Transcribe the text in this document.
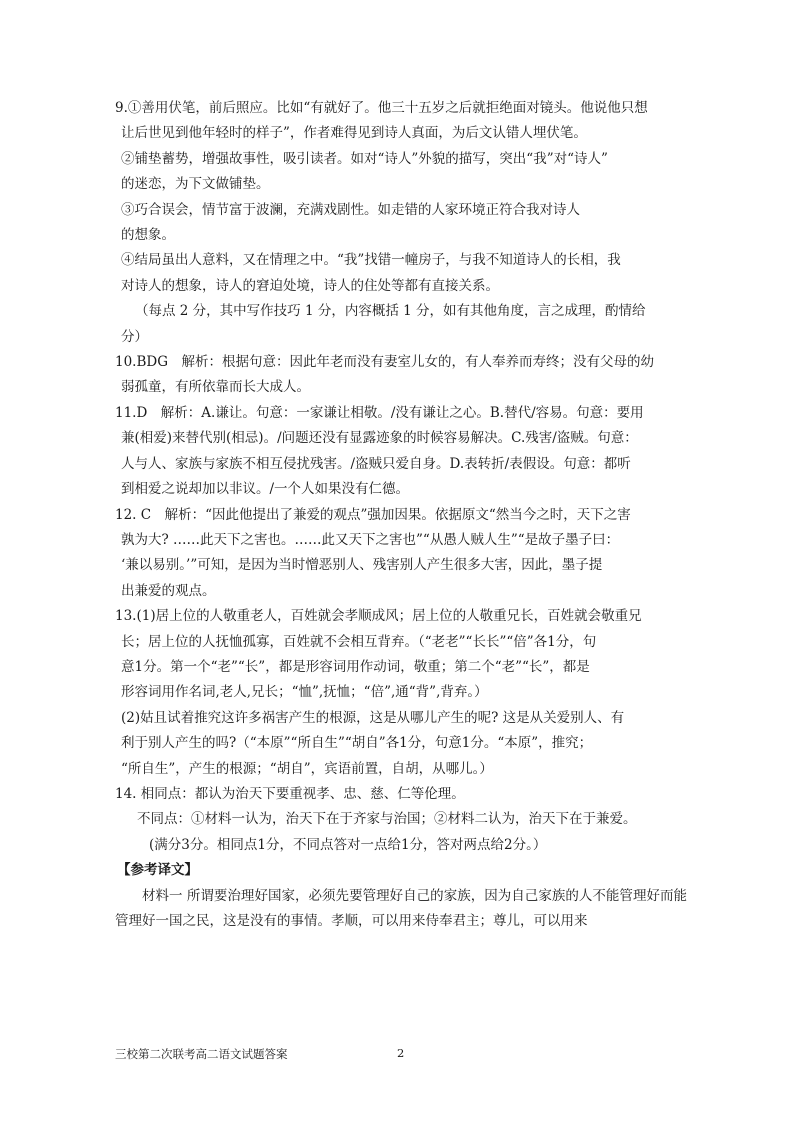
9.①善用伏笔，前后照应。比如“有就好了。他三十五岁之后就拒绝面对镜头。他说他只想

让后世见到他年轻时的样子”，作者难得见到诗人真面，为后文认错人埋伏笔。

②铺垫蓄势，增强故事性，吸引读者。如对“诗人”外貌的描写，突出“我”对“诗人”

的迷恋，为下文做铺垫。

③巧合误会，情节富于波澜，充满戏剧性。如走错的人家环境正符合我对诗人

的想象。

④结局虽出人意料，又在情理之中。“我”找错一幢房子，与我不知道诗人的长相，我

对诗人的想象，诗人的窘迫处境，诗人的住处等都有直接关系。

（每点 2 分，其中写作技巧 1 分，内容概括 1 分，如有其他角度，言之成理，酌情给

分）

10.BDG　解析：根据句意：因此年老而没有妻室儿女的，有人奉养而寿终；没有父母的幼

弱孤童，有所依靠而长大成人。

11.D　解析：A.谦让。句意：一家谦让相敬。/没有谦让之心。B.替代/容易。句意：要用

兼(相爱)来替代别(相忌)。/问题还没有显露迹象的时候容易解决。C.残害/盗贼。句意：

人与人、家族与家族不相互侵扰残害。/盗贼只爱自身。D.表转折/表假设。句意：都听

到相爱之说却加以非议。/一个人如果没有仁德。

12. C　解析：“因此他提出了兼爱的观点”强加因果。依据原文“然当今之时，天下之害

孰为大? ……此天下之害也。……此又天下之害也”“从愚人贼人生”“是故子墨子曰：

‘兼以易别。’”可知，是因为当时憎恶别人、残害别人产生很多大害，因此，墨子提

出兼爱的观点。

13.(1)居上位的人敬重老人，百姓就会孝顺成风；居上位的人敬重兄长，百姓就会敬重兄

长；居上位的人抚恤孤寡，百姓就不会相互背弃。（“老老”“长长”“倍”各1分，句

意1分。第一个“老”“长”，都是形容词用作动词，敬重；第二个“老”“长”，都是

形容词用作名词,老人,兄长；“恤”,抚恤；“倍”,通“背”,背弃。）

(2)姑且试着推究这许多祸害产生的根源，这是从哪儿产生的呢? 这是从关爱别人、有

利于别人产生的吗?（“本原”“所自生”“胡自”各1分，句意1分。“本原”，推究；

“所自生”，产生的根源；“胡自”，宾语前置，自胡，从哪儿。）

14. 相同点：都认为治天下要重视孝、忠、慈、仁等伦理。

不同点：①材料一认为，治天下在于齐家与治国；②材料二认为，治天下在于兼爱。

(满分3分。相同点1分，不同点答对一点给1分，答对两点给2分。）

【参考译文】

材料一 所谓要治理好国家，必须先要管理好自己的家族，因为自己家族的人不能管理好而能管理好一国之民，这是没有的事情。孝顺，可以用来侍奉君主；尊儿，可以用来

三校第二次联考高二语文试题答案	2
